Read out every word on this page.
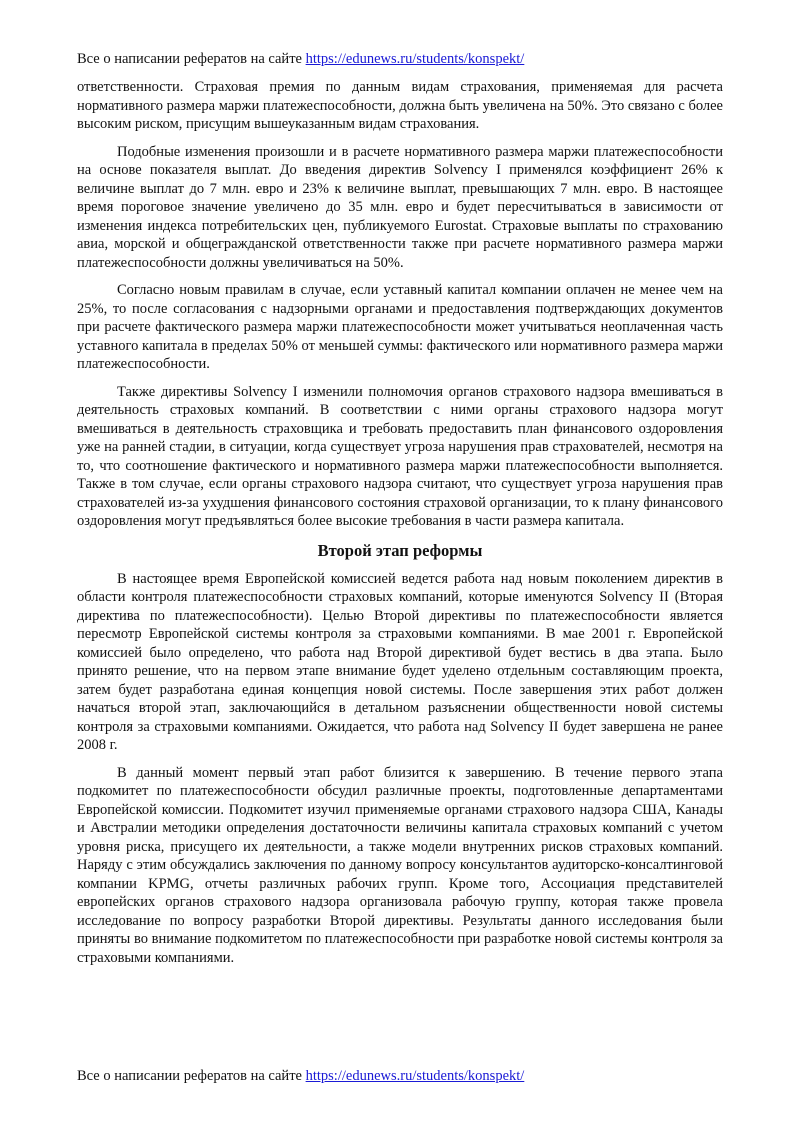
Все о написании рефератов на сайте https://edunews.ru/students/konspekt/

ответственности. Страховая премия по данным видам страхования, применяемая для расчета нормативного размера маржи платежеспособности, должна быть увеличена на 50%. Это связано с более высоким риском, присущим вышеуказанным видам страхования.

Подобные изменения произошли и в расчете нормативного размера маржи платежеспособности на основе показателя выплат. До введения директив Solvency I применялся коэффициент 26% к величине выплат до 7 млн. евро и 23% к величине выплат, превышающих 7 млн. евро. В настоящее время пороговое значение увеличено до 35 млн. евро и будет пересчитываться в зависимости от изменения индекса потребительских цен, публикуемого Eurostat. Страховые выплаты по страхованию авиа, морской и общегражданской ответственности также при расчете нормативного размера маржи платежеспособности должны увеличиваться на 50%.

Согласно новым правилам в случае, если уставный капитал компании оплачен не менее чем на 25%, то после согласования с надзорными органами и предоставления подтверждающих документов при расчете фактического размера маржи платежеспособности может учитываться неоплаченная часть уставного капитала в пределах 50% от меньшей суммы: фактического или нормативного размера маржи платежеспособности.

Также директивы Solvency I изменили полномочия органов страхового надзора вмешиваться в деятельность страховых компаний. В соответствии с ними органы страхового надзора могут вмешиваться в деятельность страховщика и требовать предоставить план финансового оздоровления уже на ранней стадии, в ситуации, когда существует угроза нарушения прав страхователей, несмотря на то, что соотношение фактического и нормативного размера маржи платежеспособности выполняется. Также в том случае, если органы страхового надзора считают, что существует угроза нарушения прав страхователей из-за ухудшения финансового состояния страховой организации, то к плану финансового оздоровления могут предъявляться более высокие требования в части размера капитала.

Второй этап реформы

В настоящее время Европейской комиссией ведется работа над новым поколением директив в области контроля платежеспособности страховых компаний, которые именуются Solvency II (Вторая директива по платежеспособности). Целью Второй директивы по платежеспособности является пересмотр Европейской системы контроля за страховыми компаниями. В мае 2001 г. Европейской комиссией было определено, что работа над Второй директивой будет вестись в два этапа. Было принято решение, что на первом этапе внимание будет уделено отдельным составляющим проекта, затем будет разработана единая концепция новой системы. После завершения этих работ должен начаться второй этап, заключающийся в детальном разъяснении общественности новой системы контроля за страховыми компаниями. Ожидается, что работа над Solvency II будет завершена не ранее 2008 г.

В данный момент первый этап работ близится к завершению. В течение первого этапа подкомитет по платежеспособности обсудил различные проекты, подготовленные департаментами Европейской комиссии. Подкомитет изучил применяемые органами страхового надзора США, Канады и Австралии методики определения достаточности величины капитала страховых компаний с учетом уровня риска, присущего их деятельности, а также модели внутренних рисков страховых компаний. Наряду с этим обсуждались заключения по данному вопросу консультантов аудиторско-консалтинговой компании KPMG, отчеты различных рабочих групп. Кроме того, Ассоциация представителей европейских органов страхового надзора организовала рабочую группу, которая также провела исследование по вопросу разработки Второй директивы. Результаты данного исследования были приняты во внимание подкомитетом по платежеспособности при разработке новой системы контроля за страховыми компаниями.

Все о написании рефератов на сайте https://edunews.ru/students/konspekt/
